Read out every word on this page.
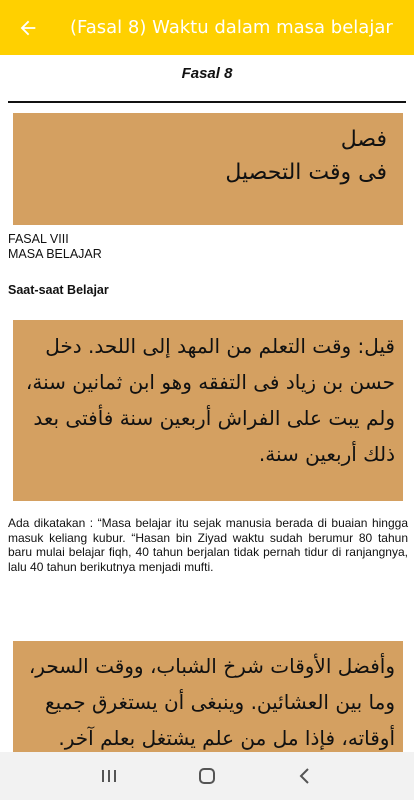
(Fasal 8) Waktu dalam masa belajar
Fasal 8
فصل
فى وقت التحصيل
FASAL VIII
MASA BELAJAR
Saat-saat Belajar
قيل: وقت التعلم من المهد إلى اللحد. دخل
حسن بن زياد فى التفقه وهو ابن ثمانين سنة،
ولم يبت على الفراش أربعين سنة فأفتى بعد
ذلك أربعين سنة.
Ada dikatakan : “Masa belajar itu sejak manusia berada di buaian hingga masuk keliang kubur. “Hasan bin Ziyad waktu sudah berumur 80 tahun baru mulai belajar fiqh, 40 tahun berjalan tidak pernah tidur di ranjangnya, lalu 40 tahun berikutnya menjadi mufti.
وأفضل الأوقات شرخ الشباب، ووقت السحر،
وما بين العشائين. وينبغى أن يستغرق جميع
أوقاته، فإذا مل من علم يشتغل بعلم آخر.
